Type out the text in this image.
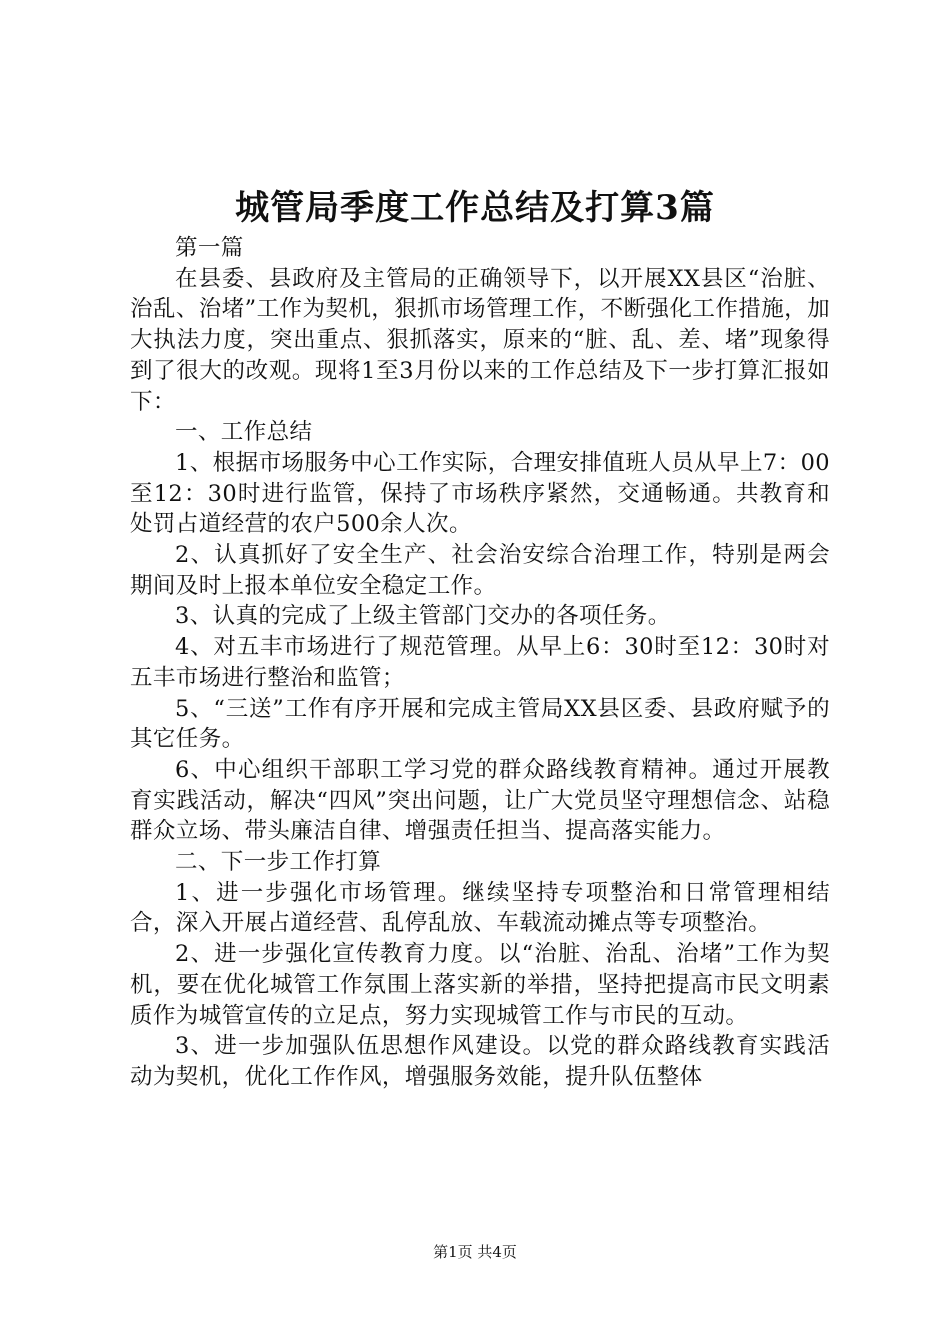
城管局季度工作总结及打算3篇

第一篇

在县委、县政府及主管局的正确领导下，以开展XX县区“治脏、治乱、治堵”工作为契机，狠抓市场管理工作，不断强化工作措施，加大执法力度，突出重点、狠抓落实，原来的“脏、乱、差、堵”现象得到了很大的改观。现将1至3月份以来的工作总结及下一步打算汇报如下：

一、工作总结

1、根据市场服务中心工作实际，合理安排值班人员从早上7：00至12：30时进行监管，保持了市场秩序紧然，交通畅通。共教育和处罚占道经营的农户500余人次。

2、认真抓好了安全生产、社会治安综合治理工作，特别是两会期间及时上报本单位安全稳定工作。

3、认真的完成了上级主管部门交办的各项任务。

4、对五丰市场进行了规范管理。从早上6：30时至12：30时对五丰市场进行整治和监管；

5、“三送”工作有序开展和完成主管局XX县区委、县政府赋予的其它任务。

6、中心组织干部职工学习党的群众路线教育精神。通过开展教育实践活动，解决“四风”突出问题，让广大党员坚守理想信念、站稳群众立场、带头廉洁自律、增强责任担当、提高落实能力。

二、下一步工作打算

1、进一步强化市场管理。继续坚持专项整治和日常管理相结合，深入开展占道经营、乱停乱放、车载流动摊点等专项整治。

2、进一步强化宣传教育力度。以“治脏、治乱、治堵”工作为契机，要在优化城管工作氛围上落实新的举措，坚持把提高市民文明素质作为城管宣传的立足点，努力实现城管工作与市民的互动。

3、进一步加强队伍思想作风建设。以党的群众路线教育实践活动为契机，优化工作作风，增强服务效能，提升队伍整体

第1页 共4页
